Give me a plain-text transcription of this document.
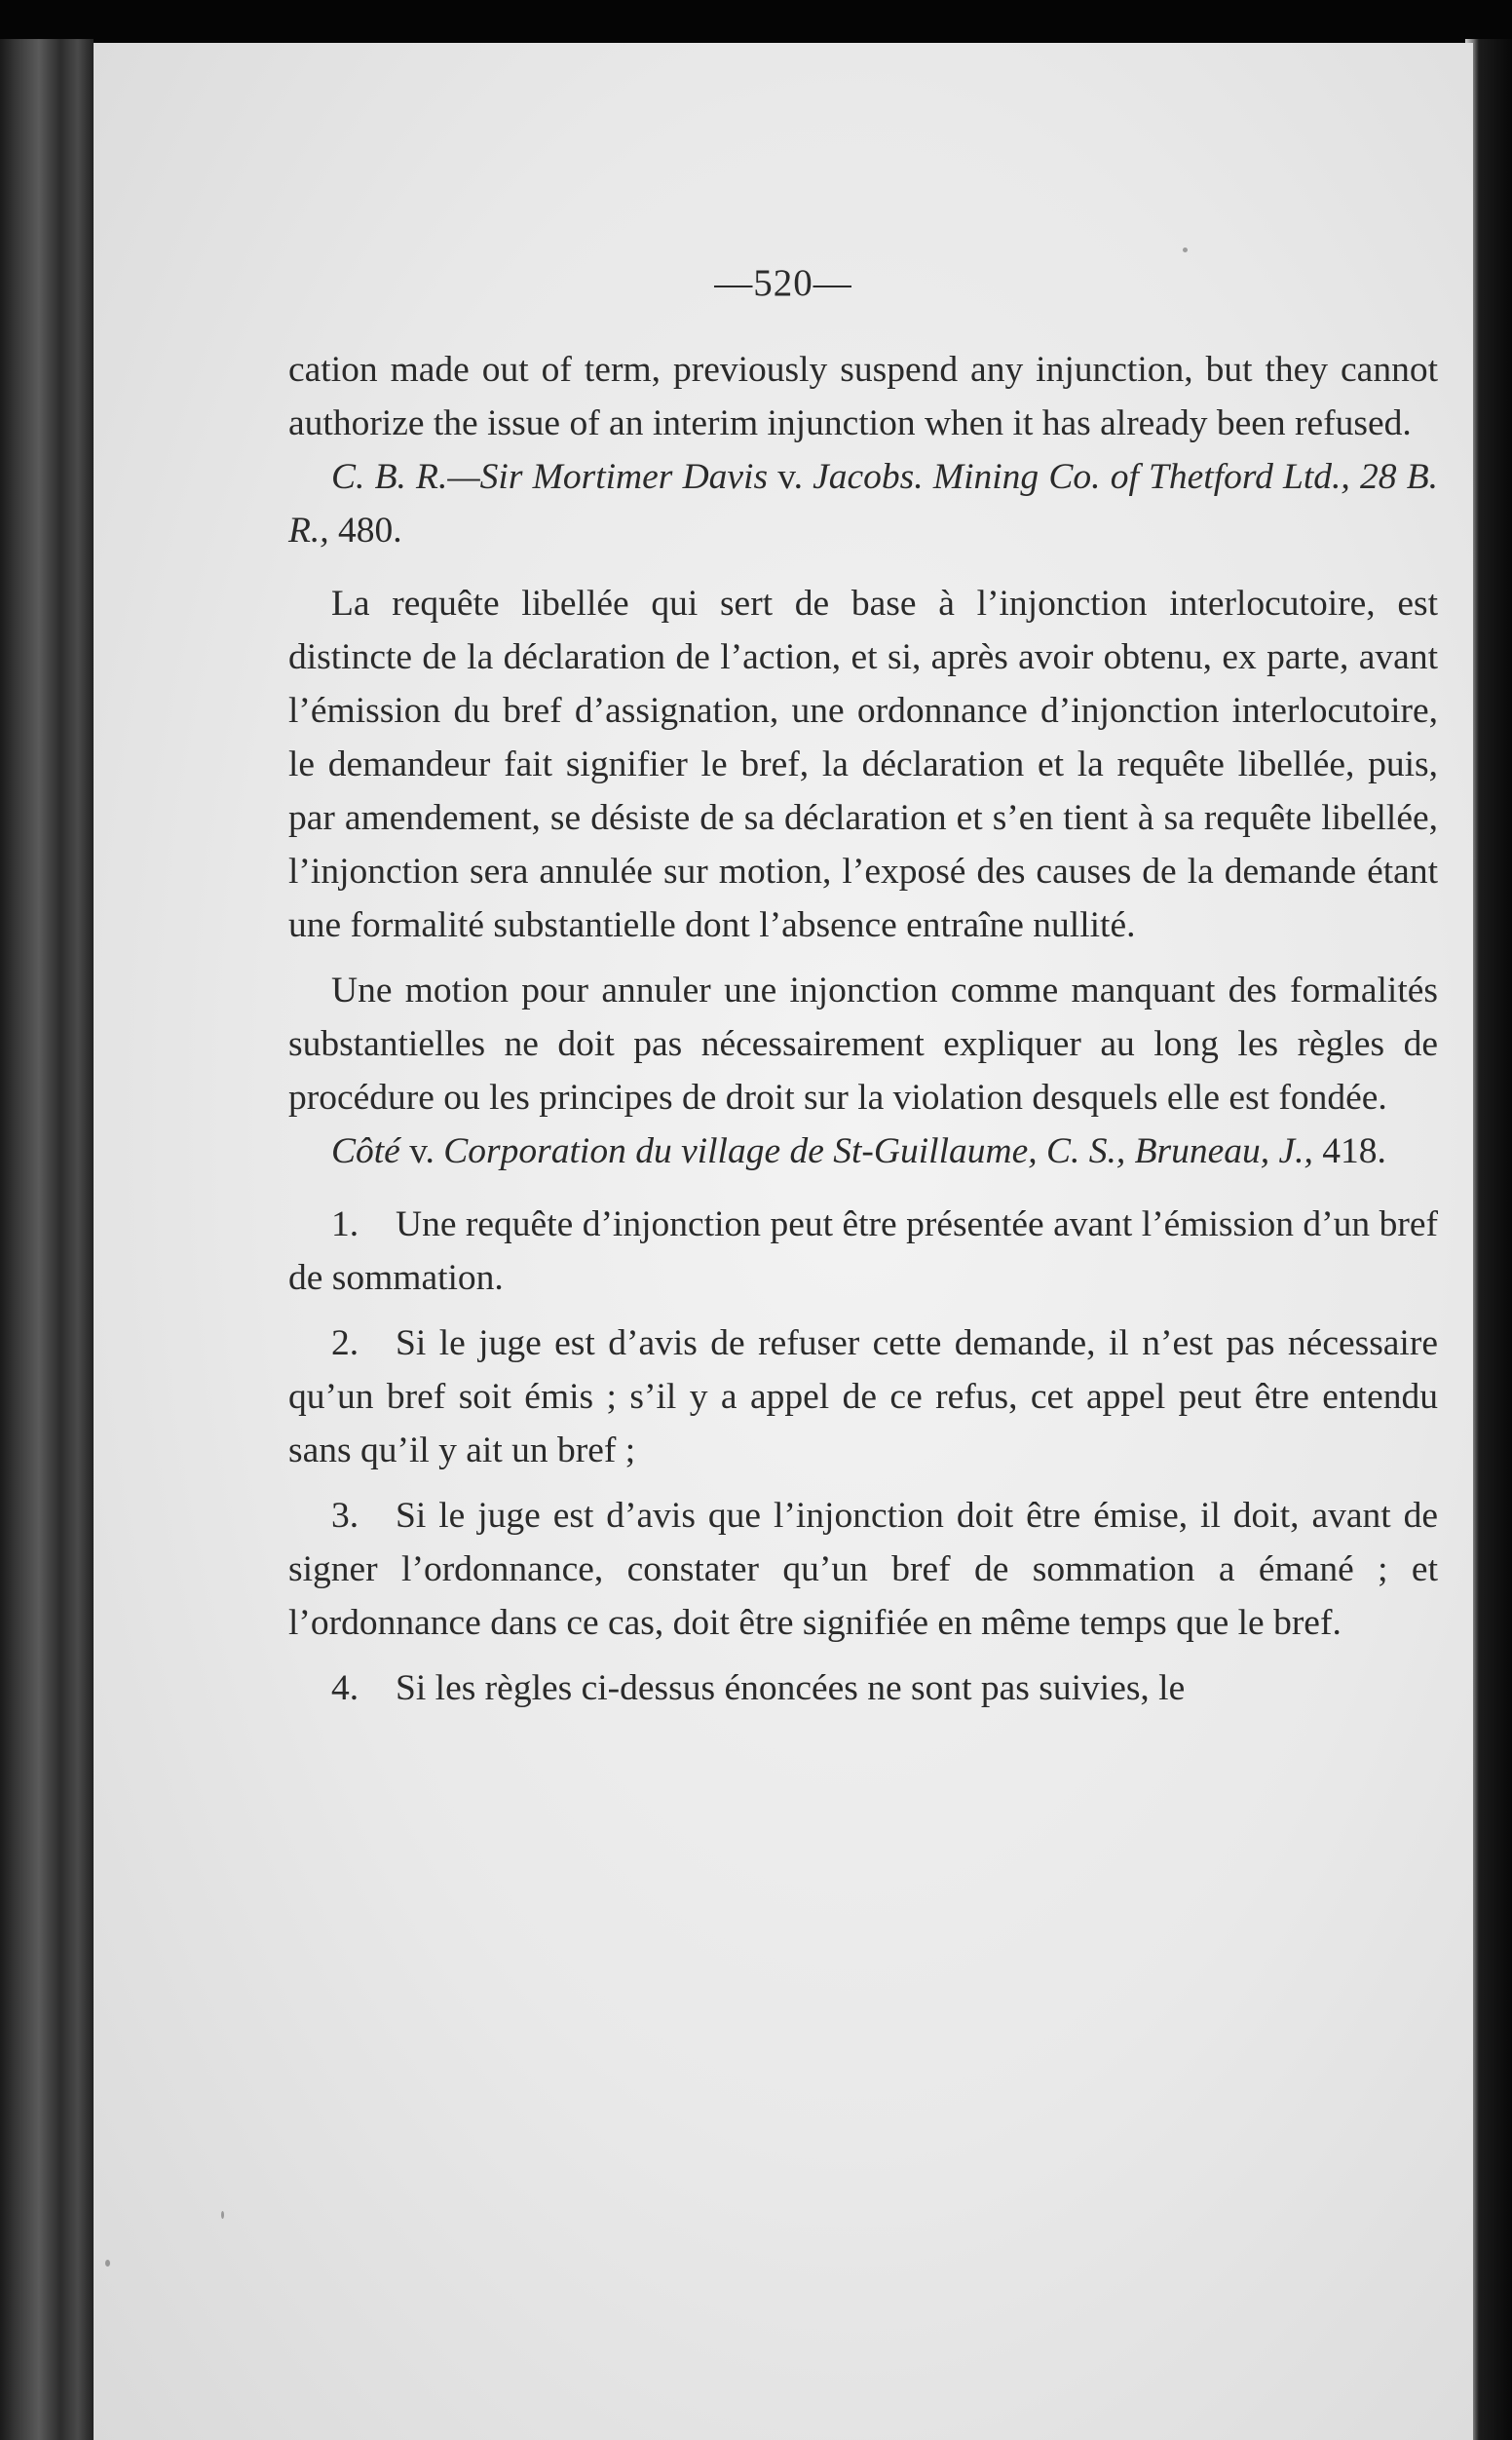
—520—

cation made out of term, previously suspend any injunction, but they cannot authorize the issue of an interim injunction when it has already been refused.

C. B. R.—Sir Mortimer Davis v. Jacobs. Mining Co. of Thetford Ltd., 28 B. R., 480.

La requête libellée qui sert de base à l’injonction interlocutoire, est distincte de la déclaration de l’action, et si, après avoir obtenu, ex parte, avant l’émission du bref d’assignation, une ordonnance d’injonction interlocutoire, le demandeur fait signifier le bref, la déclaration et la requête libellée, puis, par amendement, se désiste de sa déclaration et s’en tient à sa requête libellée, l’injonction sera annulée sur motion, l’exposé des causes de la demande étant une formalité substantielle dont l’absence entraîne nullité.

Une motion pour annuler une injonction comme manquant des formalités substantielles ne doit pas nécessairement expliquer au long les règles de procédure ou les principes de droit sur la violation desquels elle est fondée.

Côté v. Corporation du village de St-Guillaume, C. S., Bruneau, J., 418.

1. Une requête d’injonction peut être présentée avant l’émission d’un bref de sommation.

2. Si le juge est d’avis de refuser cette demande, il n’est pas nécessaire qu’un bref soit émis ; s’il y a appel de ce refus, cet appel peut être entendu sans qu’il y ait un bref ;

3. Si le juge est d’avis que l’injonction doit être émise, il doit, avant de signer l’ordonnance, constater qu’un bref de sommation a émané ; et l’ordonnance dans ce cas, doit être signifiée en même temps que le bref.

4. Si les règles ci-dessus énoncées ne sont pas suivies, le
